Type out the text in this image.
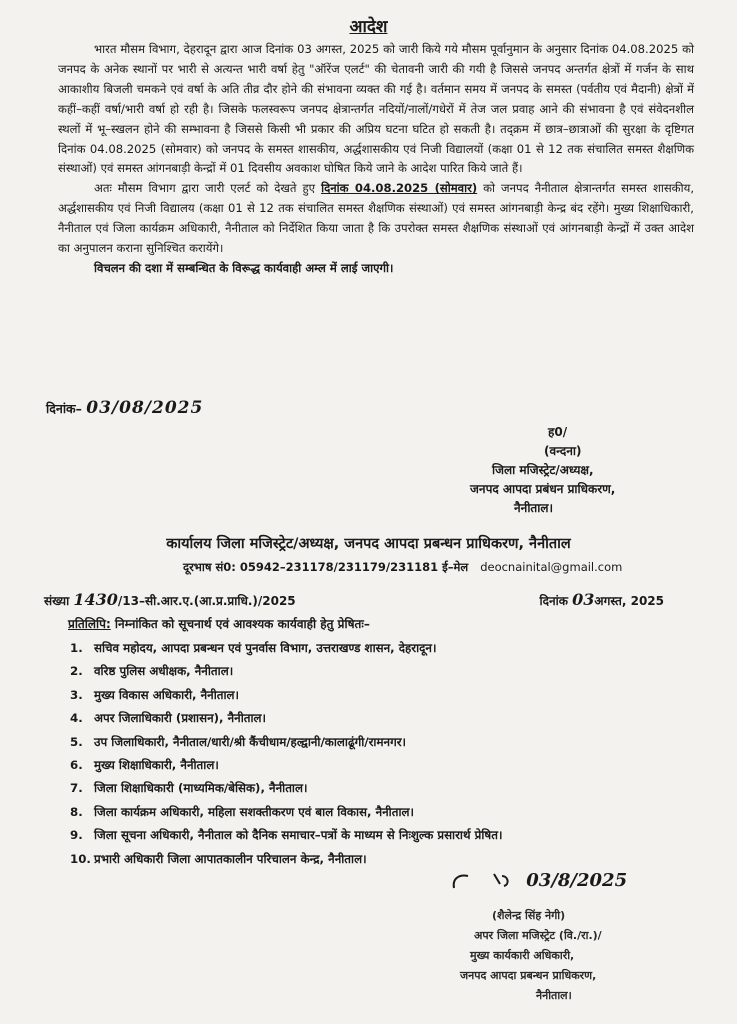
आदेश

भारत मौसम विभाग, देहरादून द्वारा आज दिनांक 03 अगस्त, 2025 को जारी किये गये मौसम पूर्वानुमान के अनुसार दिनांक 04.08.2025 को जनपद के अनेक स्थानों पर भारी से अत्यन्त भारी वर्षा हेतु "ऑरेंज एलर्ट" की चेतावनी जारी की गयी है जिससे जनपद अन्तर्गत क्षेत्रों में गर्जन के साथ आकाशीय बिजली चमकने एवं वर्षा के अति तीव्र दौर होने की संभावना व्यक्त की गई है। वर्तमान समय में जनपद के समस्त (पर्वतीय एवं मैदानी) क्षेत्रों में कहीं–कहीं वर्षा/भारी वर्षा हो रही है। जिसके फलस्वरूप जनपद क्षेत्रान्तर्गत नदियों/नालों/गधेरों में तेज जल प्रवाह आने की संभावना है एवं संवेदनशील स्थलों में भू–स्खलन होने की सम्भावना है जिससे किसी भी प्रकार की अप्रिय घटना घटित हो सकती है। तद्क्रम में छात्र–छात्राओं की सुरक्षा के दृष्टिगत दिनांक 04.08.2025 (सोमवार) को जनपद के समस्त शासकीय, अर्द्धशासकीय एवं निजी विद्यालयों (कक्षा 01 से 12 तक संचालित समस्त शैक्षणिक संस्थाओं) एवं समस्त आंगनबाड़ी केन्द्रों में 01 दिवसीय अवकाश घोषित किये जाने के आदेश पारित किये जाते हैं।

अतः मौसम विभाग द्वारा जारी एलर्ट को देखते हुए दिनांक 04.08.2025 (सोमवार) को जनपद नैनीताल क्षेत्रान्तर्गत समस्त शासकीय, अर्द्धशासकीय एवं निजी विद्यालय (कक्षा 01 से 12 तक संचालित समस्त शैक्षणिक संस्थाओं) एवं समस्त आंगनबाड़ी केन्द्र बंद रहेंगे। मुख्य शिक्षाधिकारी, नैनीताल एवं जिला कार्यक्रम अधिकारी, नैनीताल को निर्देशित किया जाता है कि उपरोक्त समस्त शैक्षणिक संस्थाओं एवं आंगनबाड़ी केन्द्रों में उक्त आदेश का अनुपालन कराना सुनिश्चित करायेंगे।

विचलन की दशा में सम्बन्धित के विरूद्ध कार्यवाही अम्ल में लाई जाएगी।

दिनांक– 03/08/2025
ह0/
(वन्दना)
जिला मजिस्ट्रेट/अध्यक्ष,
जनपद आपदा प्रबंधन प्राधिकरण,
नैनीताल।
कार्यालय जिला मजिस्ट्रेट/अध्यक्ष, जनपद आपदा प्रबन्धन प्राधिकरण, नैनीताल
दूरभाष सं0: 05942–231178/231179/231181 ई–मेल deocnainital@gmail.com
संख्या 1430/13–सी.आर.ए.(आ.प्र.प्राधि.)/2025	दिनांक 03अगस्त, 2025
प्रतिलिपि: निम्नांकित को सूचनार्थ एवं आवश्यक कार्यवाही हेतु प्रेषितः–
1. सचिव महोदय, आपदा प्रबन्धन एवं पुनर्वास विभाग, उत्तराखण्ड शासन, देहरादून।
2. वरिष्ठ पुलिस अधीक्षक, नैनीताल।
3. मुख्य विकास अधिकारी, नैनीताल।
4. अपर जिलाधिकारी (प्रशासन), नैनीताल।
5. उप जिलाधिकारी, नैनीताल/धारी/श्री कैंचीधाम/हल्द्वानी/कालाढूंगी/रामनगर।
6. मुख्य शिक्षाधिकारी, नैनीताल।
7. जिला शिक्षाधिकारी (माध्यमिक/बेसिक), नैनीताल।
8. जिला कार्यक्रम अधिकारी, महिला सशक्तीकरण एवं बाल विकास, नैनीताल।
9. जिला सूचना अधिकारी, नैनीताल को दैनिक समाचार–पत्रों के माध्यम से निःशुल्क प्रसारार्थ प्रेषित।
10. प्रभारी अधिकारी जिला आपातकालीन परिचालन केन्द्र, नैनीताल।
03/8/2025
(शैलेन्द्र सिंह नेगी)
अपर जिला मजिस्ट्रेट (वि./रा.)/
मुख्य कार्यकारी अधिकारी,
जनपद आपदा प्रबन्धन प्राधिकरण,
नैनीताल।
